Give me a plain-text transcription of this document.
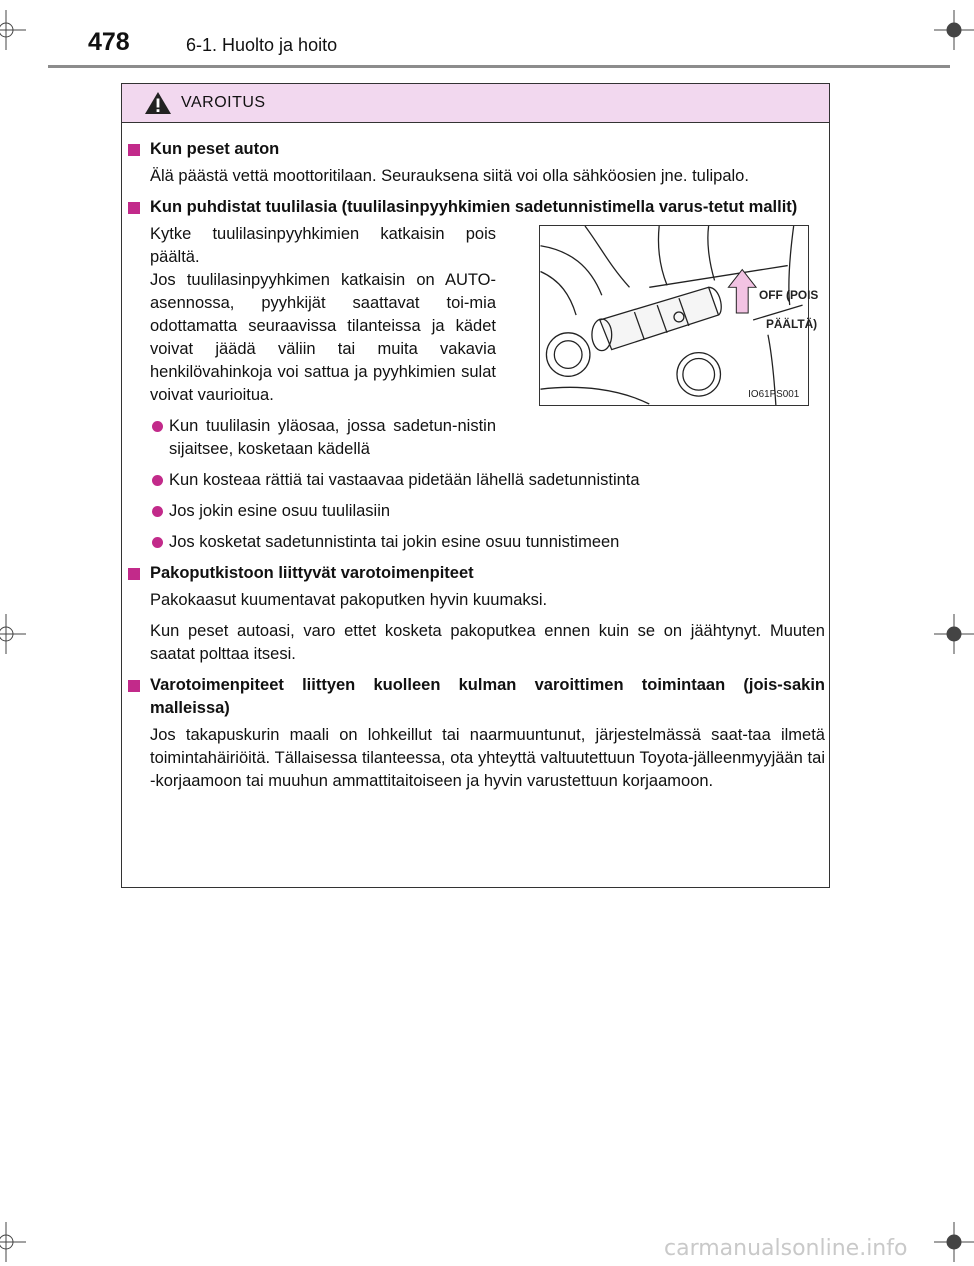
478	6-1. Huolto ja hoito
VAROITUS
Kun peset auton
Älä päästä vettä moottoritilaan. Seurauksena siitä voi olla sähköosien jne. tulipalo.
Kun puhdistat tuulilasia (tuulilasinpyyhkimien sadetunnistimella varus-tetut mallit)
Kytke tuulilasinpyyhkimien katkaisin pois päältä.
Jos tuulilasinpyyhkimen katkaisin on AUTO-asennossa, pyyhkijät saattavat toi-mia odottamatta seuraavissa tilanteissa ja kädet voivat jäädä väliin tai muita vakavia henkilövahinkoja voi sattua ja pyyhkimien sulat voivat vaurioitua.
Kun tuulilasin yläosaa, jossa sadetun-nistin sijaitsee, kosketaan kädellä
OFF (POIS
PÄÄLTÄ)
IO61PS001
Kun kosteaa rättiä tai vastaavaa pidetään lähellä sadetunnistinta
Jos jokin esine osuu tuulilasiin
Jos kosketat sadetunnistinta tai jokin esine osuu tunnistimeen
Pakoputkistoon liittyvät varotoimenpiteet
Pakokaasut kuumentavat pakoputken hyvin kuumaksi.
Kun peset autoasi, varo ettet kosketa pakoputkea ennen kuin se on jäähtynyt. Muuten saatat polttaa itsesi.
Varotoimenpiteet liittyen kuolleen kulman varoittimen toimintaan (jois-sakin malleissa)
Jos takapuskurin maali on lohkeillut tai naarmuuntunut, järjestelmässä saat-taa ilmetä toimintahäiriöitä. Tällaisessa tilanteessa, ota yhteyttä valtuutettuun Toyota-jälleenmyyjään tai -korjaamoon tai muuhun ammattitaitoiseen ja hyvin varustettuun korjaamoon.
carmanualsonline.info
